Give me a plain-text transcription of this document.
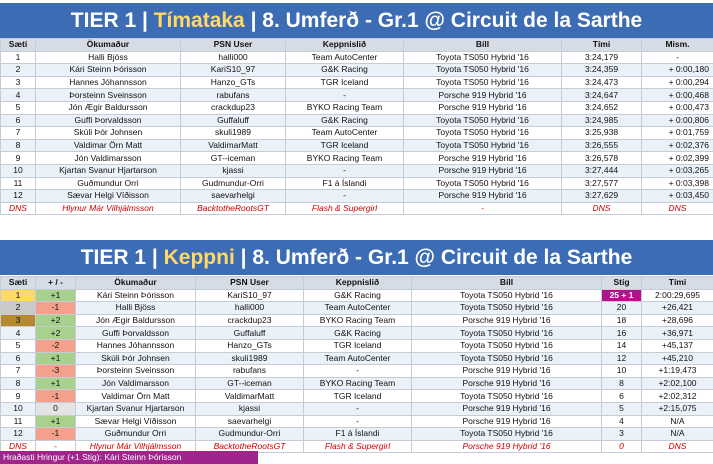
TIER 1 | Tímataka | 8. Umferð - Gr.1 @ Circuit de la Sarthe
Sæti	Ökumaður	PSN User	Keppnislið	Bíll	Tími	Mism.
1	Halli Bjöss	halli000	Team AutoCenter	Toyota TS050 Hybrid '16	3:24,179	-
2	Kári Steinn Þórisson	KariS10_97	G&K Racing	Toyota TS050 Hybrid '16	3:24,359	+ 0:00,180
3	Hannes Jóhannsson	Hanzo_GTs	TGR Iceland	Toyota TS050 Hybrid '16	3:24,473	+ 0:00,294
4	Þorsteinn Sveinsson	rabufans	-	Porsche 919 Hybrid '16	3:24,647	+ 0:00,468
5	Jón Ægir Baldursson	crackdup23	BYKO Racing Team	Porsche 919 Hybrid '16	3:24,652	+ 0:00,473
6	Guffi Þorvaldsson	Guffaluff	G&K Racing	Toyota TS050 Hybrid '16	3:24,985	+ 0:00,806
7	Skúli Þór Johnsen	skuli1989	Team AutoCenter	Toyota TS050 Hybrid '16	3:25,938	+ 0:01,759
8	Valdimar Örn Matt	ValdimarMatt	TGR Iceland	Toyota TS050 Hybrid '16	3:26,555	+ 0:02,376
9	Jón Valdimarsson	GT--iceman	BYKO Racing Team	Porsche 919 Hybrid '16	3:26,578	+ 0:02,399
10	Kjartan Svanur Hjartarson	kjassi	-	Porsche 919 Hybrid '16	3:27,444	+ 0:03,265
11	Guðmundur Orri	Gudmundur-Orri	F1 á Íslandi	Toyota TS050 Hybrid '16	3:27,577	+ 0:03,398
12	Sævar Helgi Víðisson	saevarhelgi	-	Porsche 919 Hybrid '16	3:27,629	+ 0:03,450
DNS	Hlynur Már Vilhjálmsson	BacktotheRootsGT	Flash & Supergirl	-	DNS	DNS
TIER 1 | Keppni | 8. Umferð - Gr.1 @ Circuit de la Sarthe
Sæti	+ / -	Ökumaður	PSN User	Keppnislið	Bíll	Stig	Tími
1	+1	Kári Steinn Þórisson	KariS10_97	G&K Racing	Toyota TS050 Hybrid '16	25 + 1	2:00:29,695
2	-1	Halli Bjöss	halli000	Team AutoCenter	Toyota TS050 Hybrid '16	20	+26,421
3	+2	Jón Ægir Baldursson	crackdup23	BYKO Racing Team	Porsche 919 Hybrid '16	18	+28,696
4	+2	Guffi Þorvaldsson	Guffaluff	G&K Racing	Toyota TS050 Hybrid '16	16	+36,971
5	-2	Hannes Jóhannsson	Hanzo_GTs	TGR Iceland	Toyota TS050 Hybrid '16	14	+45,137
6	+1	Skúli Þór Johnsen	skuli1989	Team AutoCenter	Toyota TS050 Hybrid '16	12	+45,210
7	-3	Þorsteinn Sveinsson	rabufans	-	Porsche 919 Hybrid '16	10	+1:19,473
8	+1	Jón Valdimarsson	GT--iceman	BYKO Racing Team	Porsche 919 Hybrid '16	8	+2:02,100
9	-1	Valdimar Örn Matt	ValdimarMatt	TGR Iceland	Toyota TS050 Hybrid '16	6	+2:02,312
10	0	Kjartan Svanur Hjartarson	kjassi	-	Porsche 919 Hybrid '16	5	+2:15,075
11	+1	Sævar Helgi Víðisson	saevarhelgi	-	Porsche 919 Hybrid '16	4	N/A
12	-1	Guðmundur Orri	Gudmundur-Orri	F1 á Íslandi	Toyota TS050 Hybrid '16	3	N/A
DNS	-	Hlynur Már Vilhjálmsson	BacktotheRootsGT	Flash & Supergirl	Porsche 919 Hybrid '16	0	DNS
Hraðasti Hringur (+1 Stig): Kári Steinn Þórisson
